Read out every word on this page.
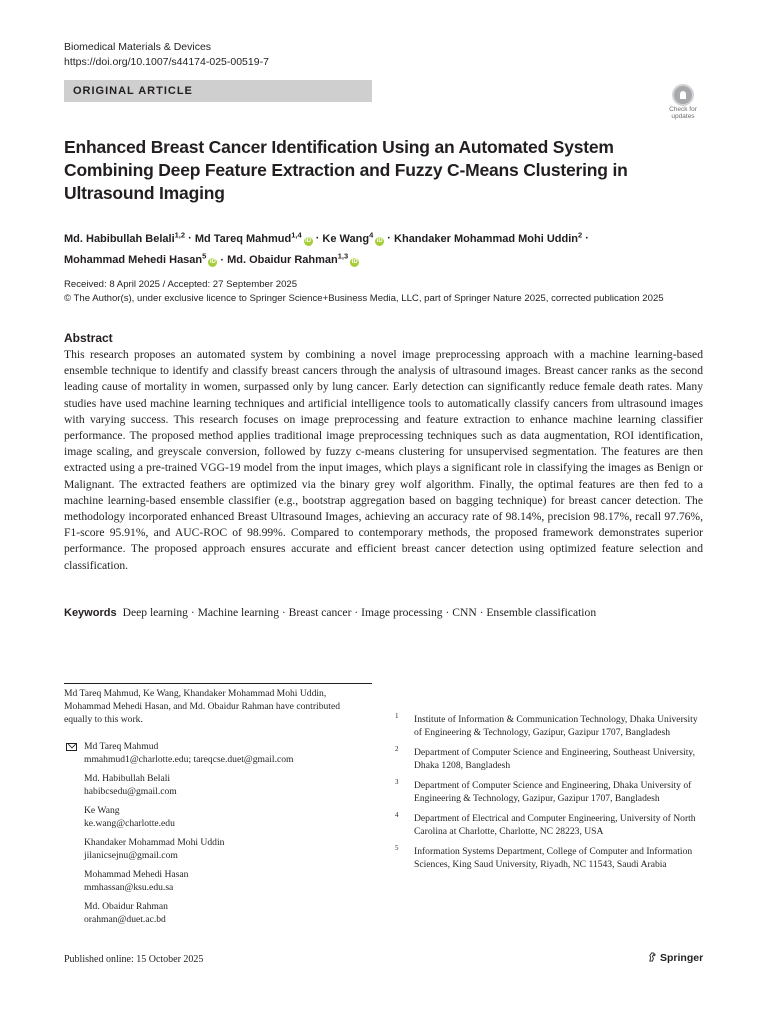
Biomedical Materials & Devices
https://doi.org/10.1007/s44174-025-00519-7
ORIGINAL ARTICLE
Check for
updates
Enhanced Breast Cancer Identification Using an Automated System Combining Deep Feature Extraction and Fuzzy C-Means Clustering in Ultrasound Imaging
Md. Habibullah Belali$^{1,2}$ · Md Tareq Mahmud$^{1,4}$iD · Ke Wang$^4$iD · Khandaker Mohammad Mohi Uddin$^2$ ·
Mohammad Mehedi Hasan$^5$iD · Md. Obaidur Rahman$^{1,3}$iD
Received: 8 April 2025 / Accepted: 27 September 2025
© The Author(s), under exclusive licence to Springer Science+Business Media, LLC, part of Springer Nature 2025, corrected publication 2025
Abstract

This research proposes an automated system by combining a novel image preprocessing approach with a machine learning-based ensemble technique to identify and classify breast cancers through the analysis of ultrasound images. Breast cancer ranks as the second leading cause of mortality in women, surpassed only by lung cancer. Early detection can significantly reduce female death rates. Many studies have used machine learning techniques and artificial intelligence tools to automatically classify cancers from ultrasound images with varying success. This research focuses on image preprocessing and feature extraction to enhance machine learning classifier performance. The proposed method applies traditional image preprocessing techniques such as data augmentation, ROI identification, image scaling, and greyscale conversion, followed by fuzzy c-means clustering for unsupervised segmentation. The features are then extracted using a pre-trained VGG-19 model from the input images, which plays a significant role in classifying the images as Benign or Malignant. The extracted feathers are optimized via the binary grey wolf algorithm. Finally, the optimal features are then fed to a machine learning-based ensemble classifier (e.g., bootstrap aggregation based on bagging technique) for breast cancer detection. The methodology incorporated enhanced Breast Ultrasound Images, achieving an accuracy rate of 98.14%, precision 98.17%, recall 97.76%, F1-score 95.91%, and AUC-ROC of 98.99%. Compared to contemporary methods, the proposed framework demonstrates superior performance. The proposed approach ensures accurate and efficient breast cancer detection using optimized feature selection and classification.

Keywords Deep learning · Machine learning · Breast cancer · Image processing · CNN · Ensemble classification
Md Tareq Mahmud, Ke Wang, Khandaker Mohammad Mohi Uddin, Mohammad Mehedi Hasan, and Md. Obaidur Rahman have contributed equally to this work.
Md Tareq Mahmud
mmahmud1@charlotte.edu; tareqcse.duet@gmail.com
Md. Habibullah Belali
habibcsedu@gmail.com
Ke Wang
ke.wang@charlotte.edu
Khandaker Mohammad Mohi Uddin
jilanicsejnu@gmail.com
Mohammad Mehedi Hasan
mmhassan@ksu.edu.sa
Md. Obaidur Rahman
orahman@duet.ac.bd
1 Institute of Information & Communication Technology, Dhaka University of Engineering & Technology, Gazipur, Gazipur 1707, Bangladesh
2 Department of Computer Science and Engineering, Southeast University, Dhaka 1208, Bangladesh
3 Department of Computer Science and Engineering, Dhaka University of Engineering & Technology, Gazipur, Gazipur 1707, Bangladesh
4 Department of Electrical and Computer Engineering, University of North Carolina at Charlotte, Charlotte, NC 28223, USA
5 Information Systems Department, College of Computer and Information Sciences, King Saud University, Riyadh, NC 11543, Saudi Arabia
Published online: 15 October 2025	Springer
